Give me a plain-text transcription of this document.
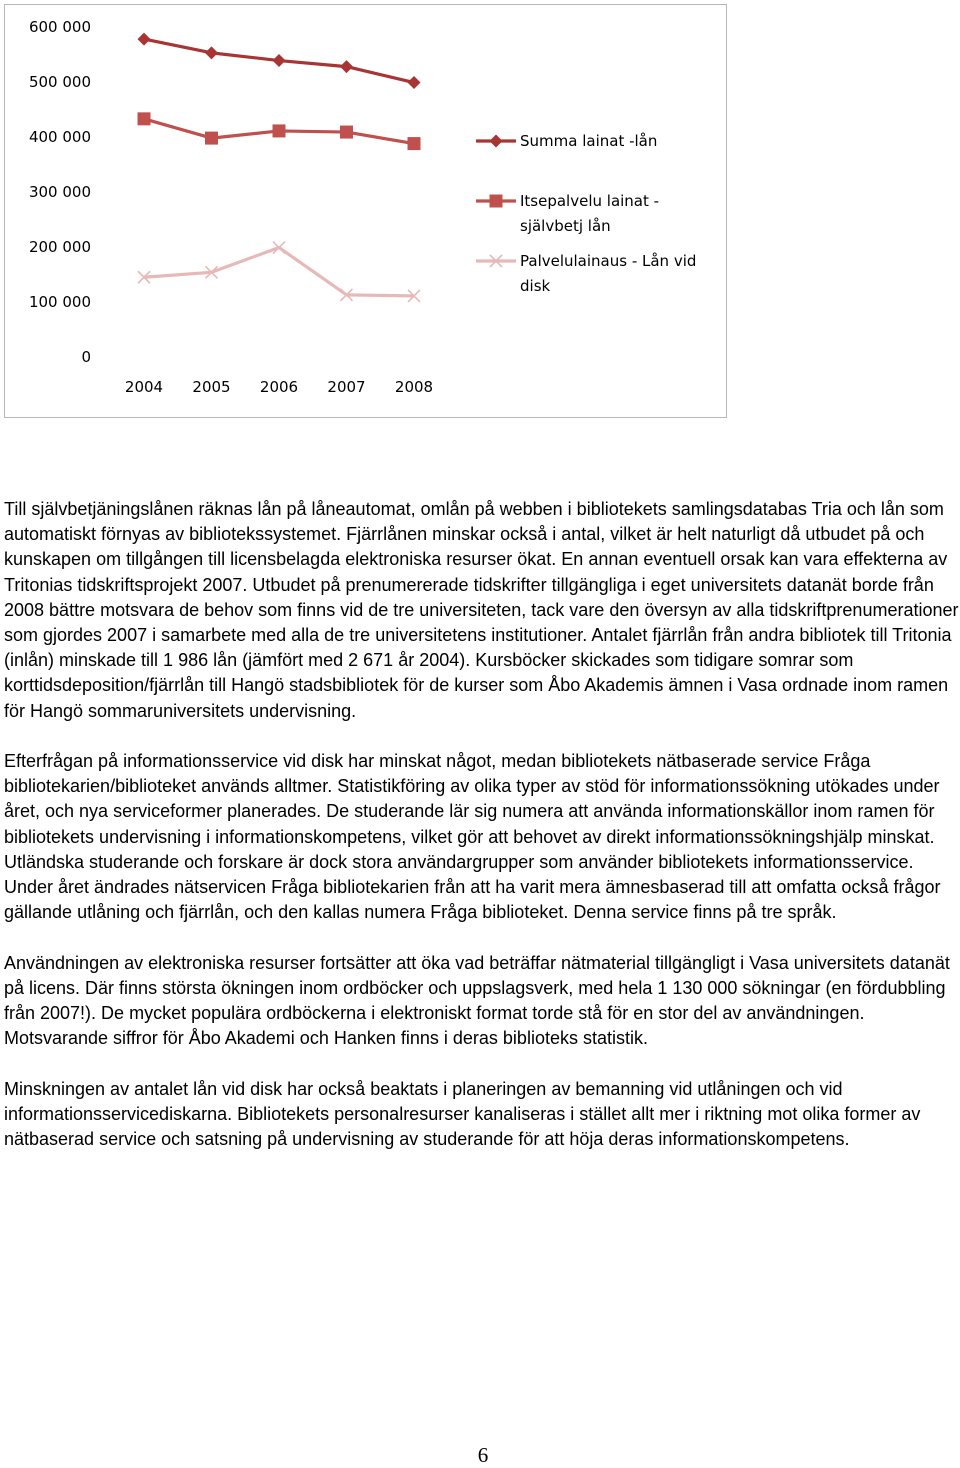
600 000
500 000
400 000
300 000
200 000
100 000
0
2004 2005 2006 2007 2008
Summa lainat -lån
Itsepalvelu lainat -
självbetj lån
Palvelulainaus - Lån vid
disk

Till självbetjäningslånen räknas lån på låneautomat, omlån på webben i bibliotekets samlingsdatabas Tria och lån som automatiskt förnyas av bibliotekssystemet. Fjärrlånen minskar också i antal, vilket är helt naturligt då utbudet på och kunskapen om tillgången till licensbelagda elektroniska resurser ökat. En annan eventuell orsak kan vara effekterna av Tritonias tidskriftsprojekt 2007. Utbudet på prenumererade tidskrifter tillgängliga i eget universitets datanät borde från 2008 bättre motsvara de behov som finns vid de tre universiteten, tack vare den översyn av alla tidskriftprenumerationer som gjordes 2007 i samarbete med alla de tre universitetens institutioner. Antalet fjärrlån från andra bibliotek till Tritonia (inlån) minskade till 1 986 lån (jämfört med 2 671 år 2004). Kursböcker skickades som tidigare somrar som korttidsdeposition/fjärrlån till Hangö stadsbibliotek för de kurser som Åbo Akademis ämnen i Vasa ordnade inom ramen för Hangö sommaruniversitets undervisning.

Efterfrågan på informationsservice vid disk har minskat något, medan bibliotekets nätbaserade service Fråga bibliotekarien/biblioteket används alltmer. Statistikföring av olika typer av stöd för informationssökning utökades under året, och nya serviceformer planerades. De studerande lär sig numera att använda informationskällor inom ramen för bibliotekets undervisning i informationskompetens, vilket gör att behovet av direkt informationssökningshjälp minskat. Utländska studerande och forskare är dock stora användargrupper som använder bibliotekets informationsservice. Under året ändrades nätservicen Fråga bibliotekarien från att ha varit mera ämnesbaserad till att omfatta också frågor gällande utlåning och fjärrlån, och den kallas numera Fråga biblioteket. Denna service finns på tre språk.

Användningen av elektroniska resurser fortsätter att öka vad beträffar nätmaterial tillgängligt i Vasa universitets datanät på licens. Där finns största ökningen inom ordböcker och uppslagsverk, med hela 1 130 000 sökningar (en fördubbling från 2007!). De mycket populära ordböckerna i elektroniskt format torde stå för en stor del av användningen. Motsvarande siffror för Åbo Akademi och Hanken finns i deras biblioteks statistik.

Minskningen av antalet lån vid disk har också beaktats i planeringen av bemanning vid utlåningen och vid informationsservicediskarna. Bibliotekets personalresurser kanaliseras i stället allt mer i riktning mot olika former av nätbaserad service och satsning på undervisning av studerande för att höja deras informationskompetens.

6
